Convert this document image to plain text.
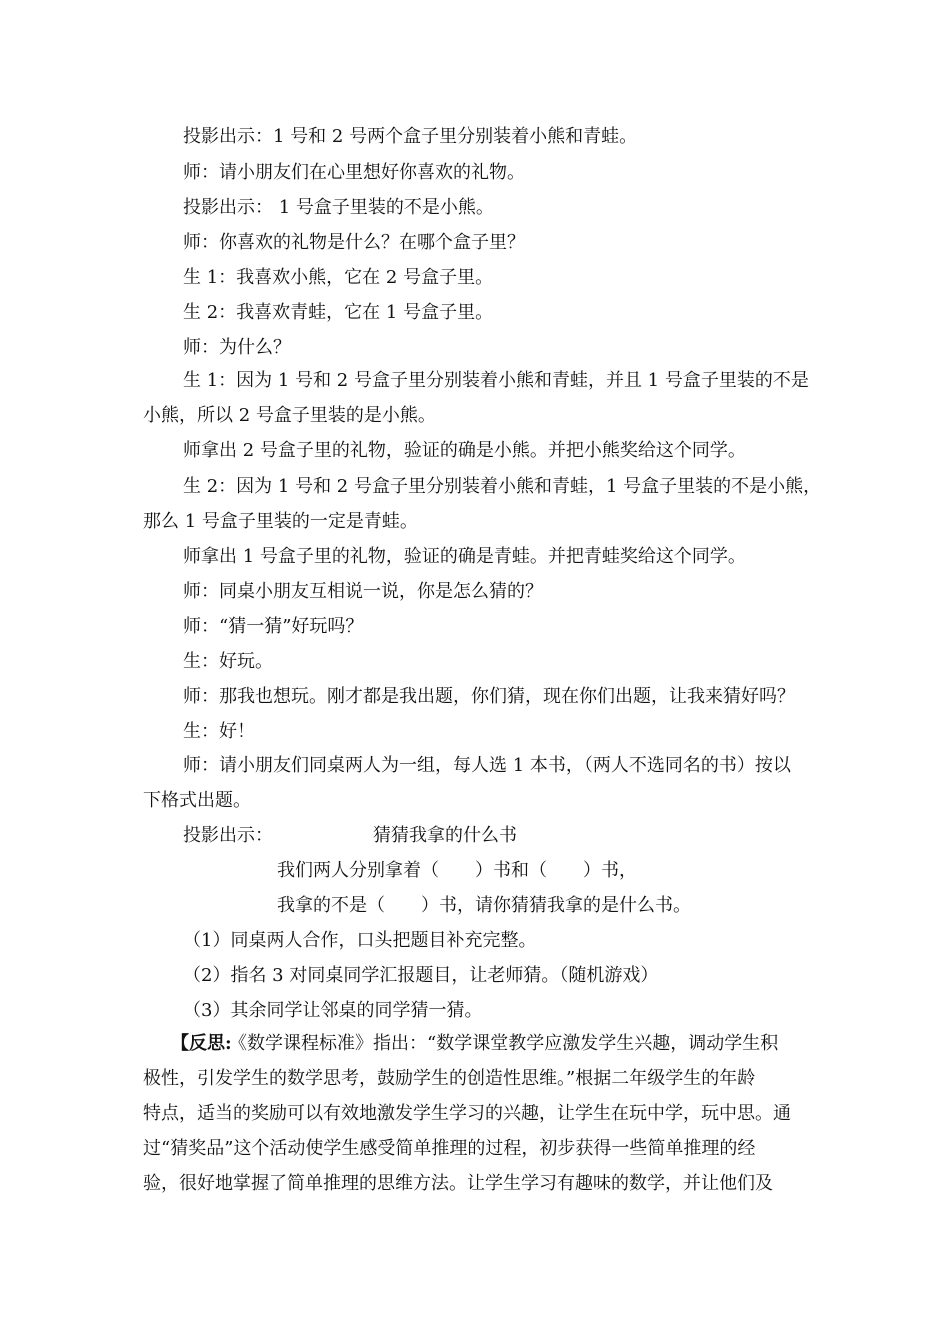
投影出示：1 号和 2 号两个盒子里分别装着小熊和青蛙。
师：请小朋友们在心里想好你喜欢的礼物。
投影出示： 1 号盒子里装的不是小熊。
师：你喜欢的礼物是什么？在哪个盒子里？
生 1：我喜欢小熊，它在 2 号盒子里。
生 2：我喜欢青蛙，它在 1 号盒子里。
师：为什么？
生 1：因为 1 号和 2 号盒子里分别装着小熊和青蛙，并且 1 号盒子里装的不是
小熊，所以 2 号盒子里装的是小熊。
师拿出 2 号盒子里的礼物，验证的确是小熊。并把小熊奖给这个同学。
生 2：因为 1 号和 2 号盒子里分别装着小熊和青蛙，1 号盒子里装的不是小熊，
那么 1 号盒子里装的一定是青蛙。
师拿出 1 号盒子里的礼物，验证的确是青蛙。并把青蛙奖给这个同学。
师：同桌小朋友互相说一说，你是怎么猜的？
师：“猜一猜”好玩吗？
生：好玩。
师：那我也想玩。刚才都是我出题，你们猜，现在你们出题，让我来猜好吗？
生：好！
师：请小朋友们同桌两人为一组，每人选 1 本书，（两人不选同名的书）按以
下格式出题。
投影出示：	猜猜我拿的什么书
我们两人分别拿着（　　）书和（　　）书，
我拿的不是（　　）书，请你猜猜我拿的是什么书。
（1）同桌两人合作，口头把题目补充完整。
（2）指名 3 对同桌同学汇报题目，让老师猜。（随机游戏）
（3）其余同学让邻桌的同学猜一猜。
【反思:
《数学课程标准》指出：“数学课堂教学应激发学生兴趣，调动学生积
极性，引发学生的数学思考，鼓励学生的创造性思维。”根据二年级学生的年龄
特点，适当的奖励可以有效地激发学生学习的兴趣，让学生在玩中学，玩中思。通
过“猜奖品”这个活动使学生感受简单推理的过程，初步获得一些简单推理的经
验，很好地掌握了简单推理的思维方法。让学生学习有趣味的数学，并让他们及
